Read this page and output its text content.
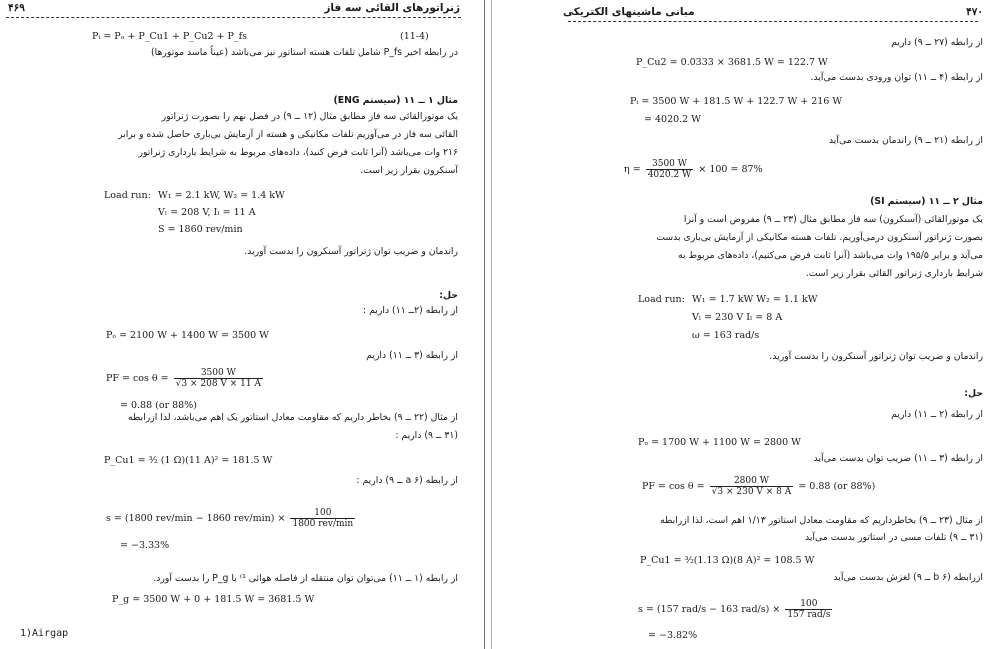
۴۶۹	ژنراتورهای القائی سه فاز
Pᵢ = Pₒ + P_Cu1 + P_Cu2 + P_fs	(11-4)
در رابطه اخیر P_fs شامل تلفات هسته استاتور نیز می‌باشد (عیناً ماسد موتورها)
مثال ۱ ــ ۱۱ (سیستم ENG)
یک موتورالقائی سه فاز مطابق مثال (۱۲ ــ ۹) در فصل نهم را بصورت ژنراتور
القائی سه فاز در می‌آوریم تلفات مکانیکی و هسته از آزمایش بی‌باری حاصل شده و برابر
۲۱۶ وات می‌باشد (آنرا ثابت فرض کنید)، داده‌های مربوط به شرایط بارداری ژنراتور
آسنکرون بقرار زیر است.
Load run: W₁ = 2.1 kW, W₂ = 1.4 kW
Vₗ = 208 V, Iₗ = 11 A
S = 1860 rev/min
راندمان و ضریب توان ژنراتور آسنکرون را بدست آورید.
حل:
از رابطه (۲ــ ۱۱) داریم :
Pₒ = 2100 W + 1400 W = 3500 W
از رابطه (۳ ــ ۱۱) داریم
PF = $\cos \theta = \frac{3500 W}{√3 \times 208 V \times 11 A}$
= 0.88 (or 88%)
از مثال (۲۲ ــ ۹) بخاطر داریم که مقاومت معادل استاتور یک اهم می‌باشد، لذا ازرابطه
(۳۱ ــ ۹) داریم :
P_Cu1 = ³⁄₂ (1 Ω)(11 A)² = 181.5 W
از رابطه (۶ a ــ ۹) داریم :
s = (1800 rev/min − 1860 $rev/\min) \times \frac{100}{\text{1800 rev/min}}$
= −3.33%
از رابطه (۱ ــ ۱۱) می‌توان توان منتقله از فاصله هوائی ¹⁾ یا P_g را بدست آورد.
P_g = 3500 W + 0 + 181.5 W = 3681.5 W
1)Airgap
۴۷۰
مبانی ماشینهای الکتریکی
از رابطه (۲۷ ــ ۹) داریم
P_Cu2 = 0.0333 × 3681.5 W = 122.7 W
از رابطه (۴ ــ ۱۱) توان ورودی بدست می‌آید.
Pᵢ = 3500 W + 181.5 W + 122.7 W + 216 W
= 4020.2 W
از رابطه (۲۱ ــ ۹) راندمان بدست می‌آید
$\eta = \frac{3500 W}{4020.2 W} \times 100 = 87\%$
مثال ۲ ــ ۱۱ (سیستم SI)
یک موتورالقائی (آسنکرون) سه فاز مطابق مثال (۲۳ ــ ۹) مفروض است و آنرا
بصورت ژنراتور آسنکرون درمی‌آوریم. تلفات هسته مکانیکی از آزمایش بی‌باری بدست
می‌آید و برابر ۱۹۵/۵ وات می‌باشد (آنرا ثابت فرض می‌کنیم)، داده‌های مربوط به
شرایط بارداری ژنراتور القائی بقرار زیر است.
Load run: W₁ = 1.7 kW W₂ = 1.1 kW
Vₗ = 230 V Iₗ = 8 A
ω = 163 rad/s
راندمان و ضریب توان ژنراتور آسنکرون را بدست آورید.
حل:
از رابطه (۲ ــ ۱۱) داریم
Pₒ = 1700 W + 1100 W = 2800 W
از رابطه (۳ ــ ۱۱) ضریب توان بدست می‌آید
PF = $\cos \theta = \frac{2800 W}{√3 \times 230 V \times 8 A} = 0.88$ (or 88%)
از مثال (۲۳ ــ ۹) بخاطرداریم که مقاومت معادل استاتور ۱/۱۳ اهم است، لذا ازرابطه
(۳۱ ــ ۹) تلفات مسی در استاتور بدست می‌آید
P_Cu1 = ³⁄₂(1.13 Ω)(8 A)² = 108.5 W
ازرابطه (۶ b ــ ۹) لغزش بدست می‌آید
s = (157 rad/s − 163 $rad/s) \times \frac{100}{\text{157 rad/s}}$
= −3.82%
